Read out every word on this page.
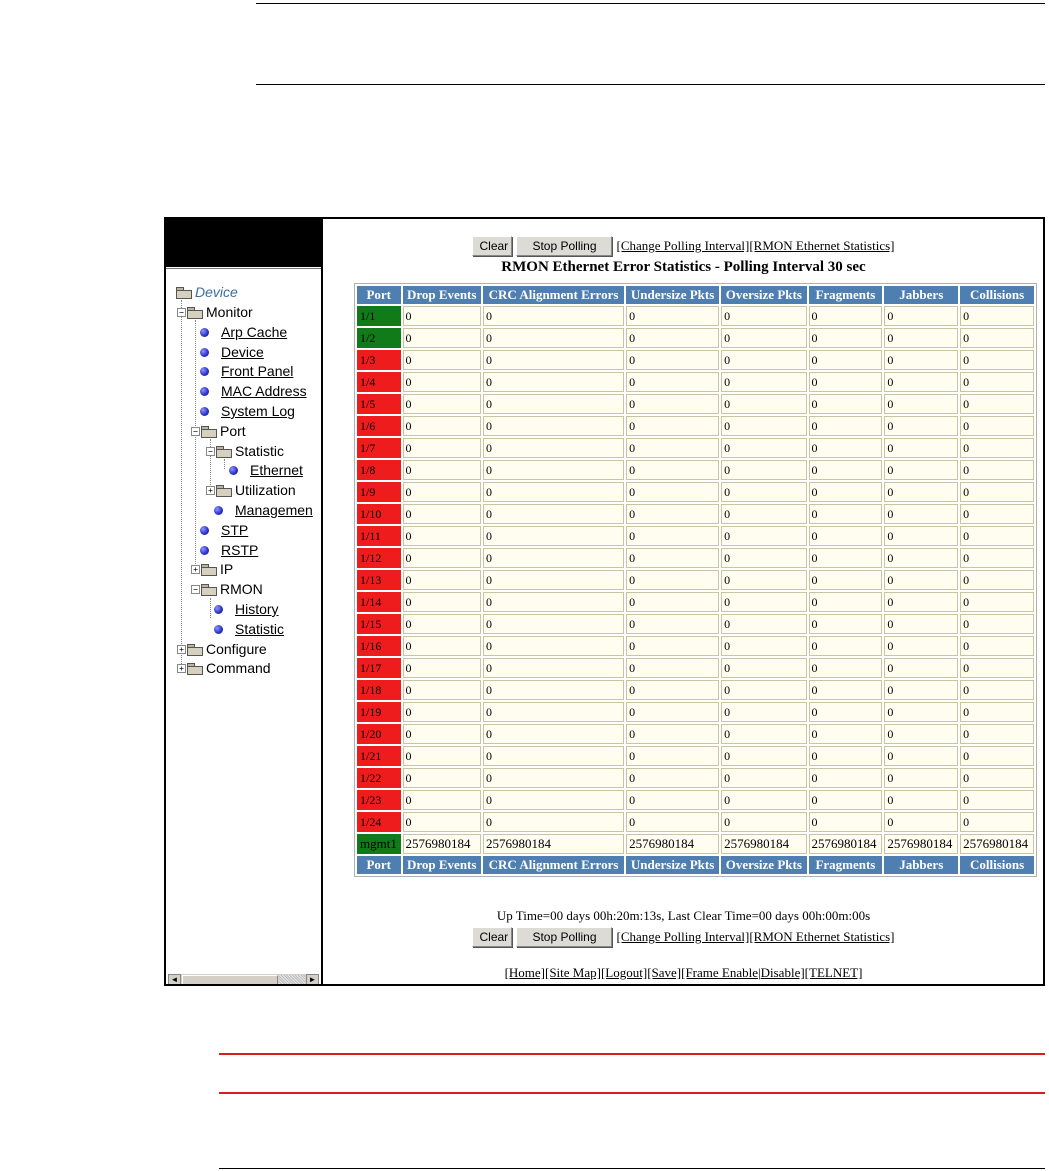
Device
− Monitor
Arp Cache
Device
Front Panel
MAC Address
System Log
− Port
− Statistic
Ethernet
+ Utilization
Managemen
STP
RSTP
+ IP
− RMON
History
Statistic
+ Configure
+ Command
◄	►
Clear	Stop Polling	[Change Polling Interval] [RMON Ethernet Statistics]
RMON Ethernet Error Statistics - Polling Interval 30 sec
Port	Drop Events	CRC Alignment Errors	Undersize Pkts	Oversize Pkts	Fragments	Jabbers	Collisions
1/1	0	0	0	0	0	0	0
1/2	0	0	0	0	0	0	0
1/3	0	0	0	0	0	0	0
1/4	0	0	0	0	0	0	0
1/5	0	0	0	0	0	0	0
1/6	0	0	0	0	0	0	0
1/7	0	0	0	0	0	0	0
1/8	0	0	0	0	0	0	0
1/9	0	0	0	0	0	0	0
1/10	0	0	0	0	0	0	0
1/11	0	0	0	0	0	0	0
1/12	0	0	0	0	0	0	0
1/13	0	0	0	0	0	0	0
1/14	0	0	0	0	0	0	0
1/15	0	0	0	0	0	0	0
1/16	0	0	0	0	0	0	0
1/17	0	0	0	0	0	0	0
1/18	0	0	0	0	0	0	0
1/19	0	0	0	0	0	0	0
1/20	0	0	0	0	0	0	0
1/21	0	0	0	0	0	0	0
1/22	0	0	0	0	0	0	0
1/23	0	0	0	0	0	0	0
1/24	0	0	0	0	0	0	0
mgmt1	2576980184	2576980184	2576980184	2576980184	2576980184	2576980184	2576980184
Port	Drop Events	CRC Alignment Errors	Undersize Pkts	Oversize Pkts	Fragments	Jabbers	Collisions
Up Time=00 days 00h:20m:13s, Last Clear Time=00 days 00h:00m:00s
Clear	Stop Polling	[Change Polling Interval] [RMON Ethernet Statistics]
[Home][Site Map][Logout][Save][Frame Enable|Disable][TELNET]
